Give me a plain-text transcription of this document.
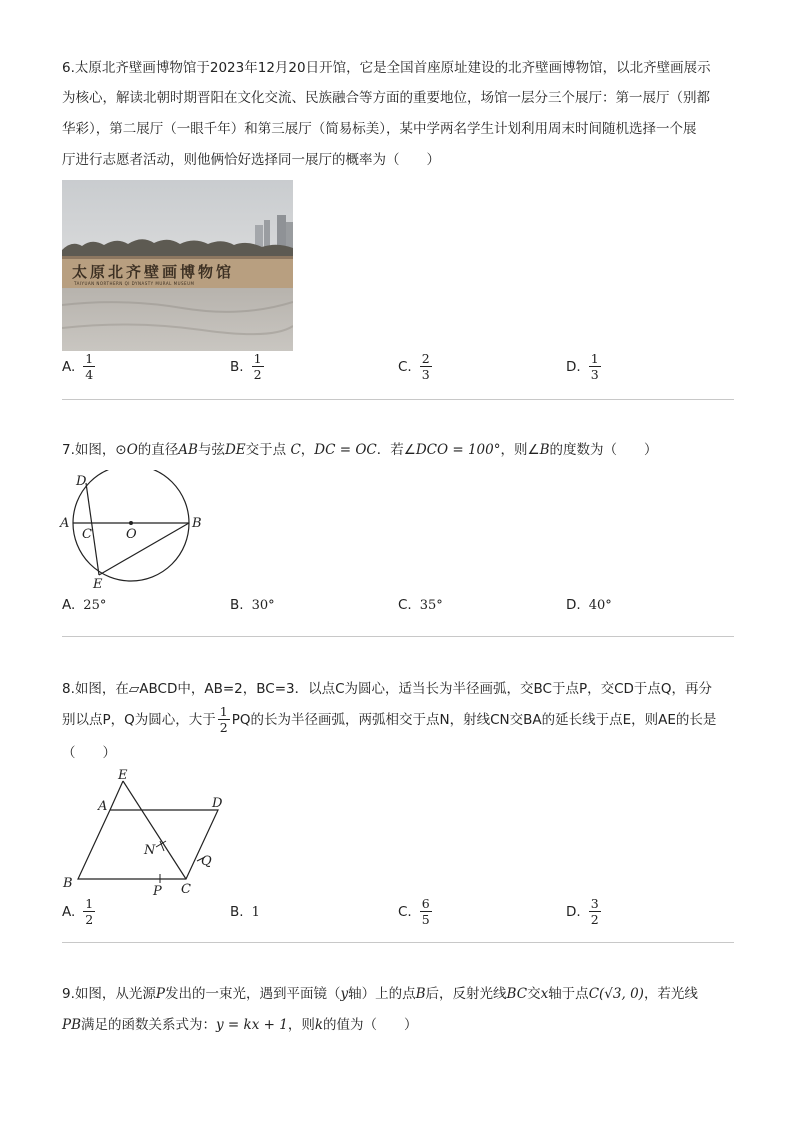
6.太原北齐壁画博物馆于2023年12月20日开馆，它是全国首座原址建设的北齐壁画博物馆，以北齐壁画展示
为核心，解读北朝时期晋阳在文化交流、民族融合等方面的重要地位，场馆一层分三个展厅：第一展厅（别都
华彩），第二展厅（一眼千年）和第三展厅（简易标美），某中学两名学生计划利用周末时间随机选择一个展
厅进行志愿者活动，则他俩恰好选择同一展厅的概率为（　　）
太原北齐壁画博物馆
TAIYUAN NORTHERN QI DYNASTY MURAL MUSEUM
A. $\frac{1}{4}$	B. $\frac{1}{2}$	C. $\frac{2}{3}$	D. $\frac{1}{3}$
7.如图，⊙O的直径AB与弦DE交于点 C，DC = OC．若∠DCO = 100°，则∠B的度数为（　　）
A	B
C
D
E
O
A. 25°	B. 30°	C. 35°	D. 40°
8.如图，在▱ABCD中，AB=2，BC=3．以点C为圆心，适当长为半径画弧，交BC于点P，交CD于点Q，再分
别以点P，Q为圆心，大于 $\frac{1}{2}$ PQ的长为半径画弧，两弧相交于点N，射线CN交BA的延长线于点E，则AE的长是
（　　）
B	C
D
A
E
N
Q
P
A. $\frac{1}{2}$	B. 1	C. $\frac{6}{5}$	D. $\frac{3}{2}$
9.如图，从光源P发出的一束光，遇到平面镜（y轴）上的点B后，反射光线BC交x轴于点C(√3, 0)，若光线
PB满足的函数关系式为：y = kx + 1，则k的值为（　　）
